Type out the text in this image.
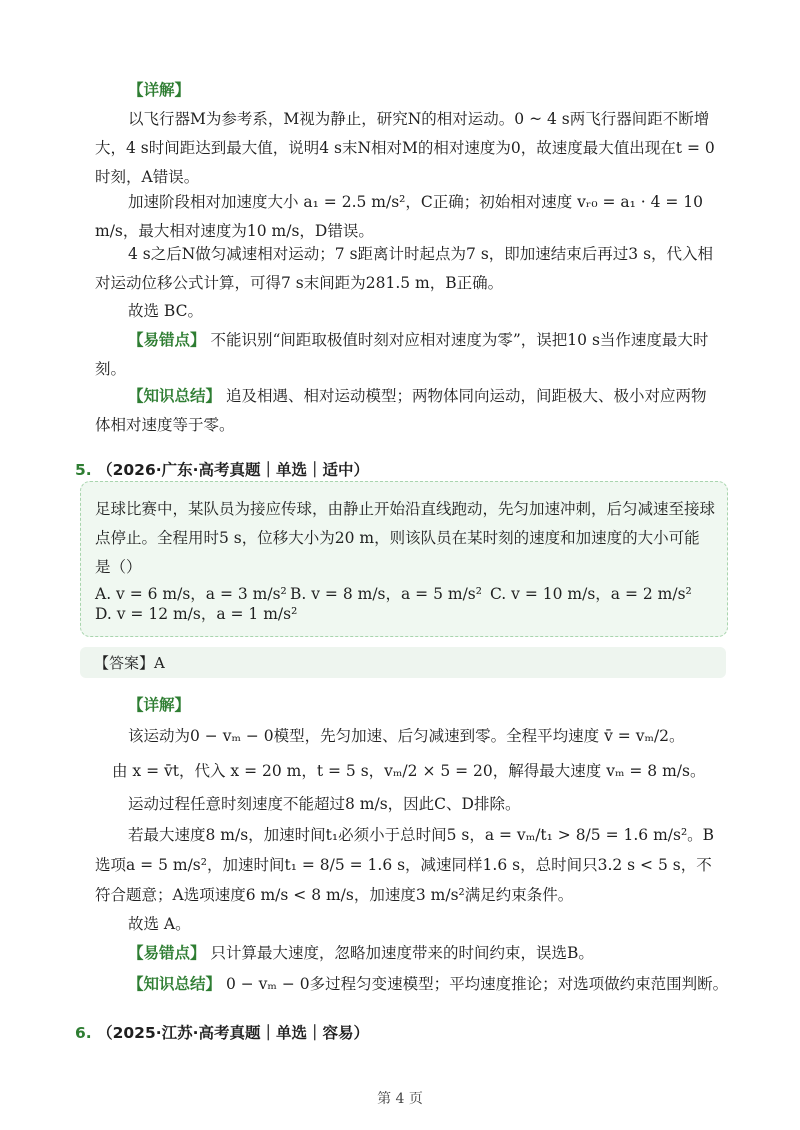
【详解】
以飞行器M为参考系，M视为静止，研究N的相对运动。0 ~ 4 s两飞行器间距不断增大，4 s时间距达到最大值，说明4 s末N相对M的相对速度为0，故速度最大值出现在t = 0时刻，A错误。
加速阶段相对加速度大小 a₁ = 2.5 m/s²，C正确；初始相对速度 vᵣ₀ = a₁ · 4 = 10 m/s，最大相对速度为10 m/s，D错误。
4 s之后N做匀减速相对运动；7 s距离计时起点为7 s，即加速结束后再过3 s，代入相对运动位移公式计算，可得7 s末间距为281.5 m，B正确。
故选 BC。
【易错点】 不能识别“间距取极值时刻对应相对速度为零”，误把10 s当作速度最大时刻。
【知识总结】 追及相遇、相对运动模型；两物体同向运动，间距极大、极小对应两物体相对速度等于零。
5. （2026·广东·高考真题｜单选｜适中）
足球比赛中，某队员为接应传球，由静止开始沿直线跑动，先匀加速冲刺，后匀减速至接球点停止。全程用时5 s，位移大小为20 m，则该队员在某时刻的速度和加速度的大小可能是（）
A. v = 6 m/s，a = 3 m/s² B. v = 8 m/s，a = 5 m/s² C. v = 10 m/s，a = 2 m/s²
D. v = 12 m/s，a = 1 m/s²
【答案】A
【详解】
该运动为0 − vₘ − 0模型，先匀加速、后匀减速到零。全程平均速度 v̄ = vₘ/2。
由 x = v̄t，代入 x = 20 m，t = 5 s，vₘ/2 × 5 = 20，解得最大速度 vₘ = 8 m/s。
运动过程任意时刻速度不能超过8 m/s，因此C、D排除。
若最大速度8 m/s，加速时间t₁必须小于总时间5 s，a = vₘ/t₁ > 8/5 = 1.6 m/s²。B选项a = 5 m/s²，加速时间t₁ = 8/5 = 1.6 s，减速同样1.6 s，总时间只3.2 s < 5 s，不符合题意；A选项速度6 m/s < 8 m/s，加速度3 m/s²满足约束条件。
故选 A。
【易错点】 只计算最大速度，忽略加速度带来的时间约束，误选B。
【知识总结】 0 − vₘ − 0多过程匀变速模型；平均速度推论；对选项做约束范围判断。
6. （2025·江苏·高考真题｜单选｜容易）
第 4 页
